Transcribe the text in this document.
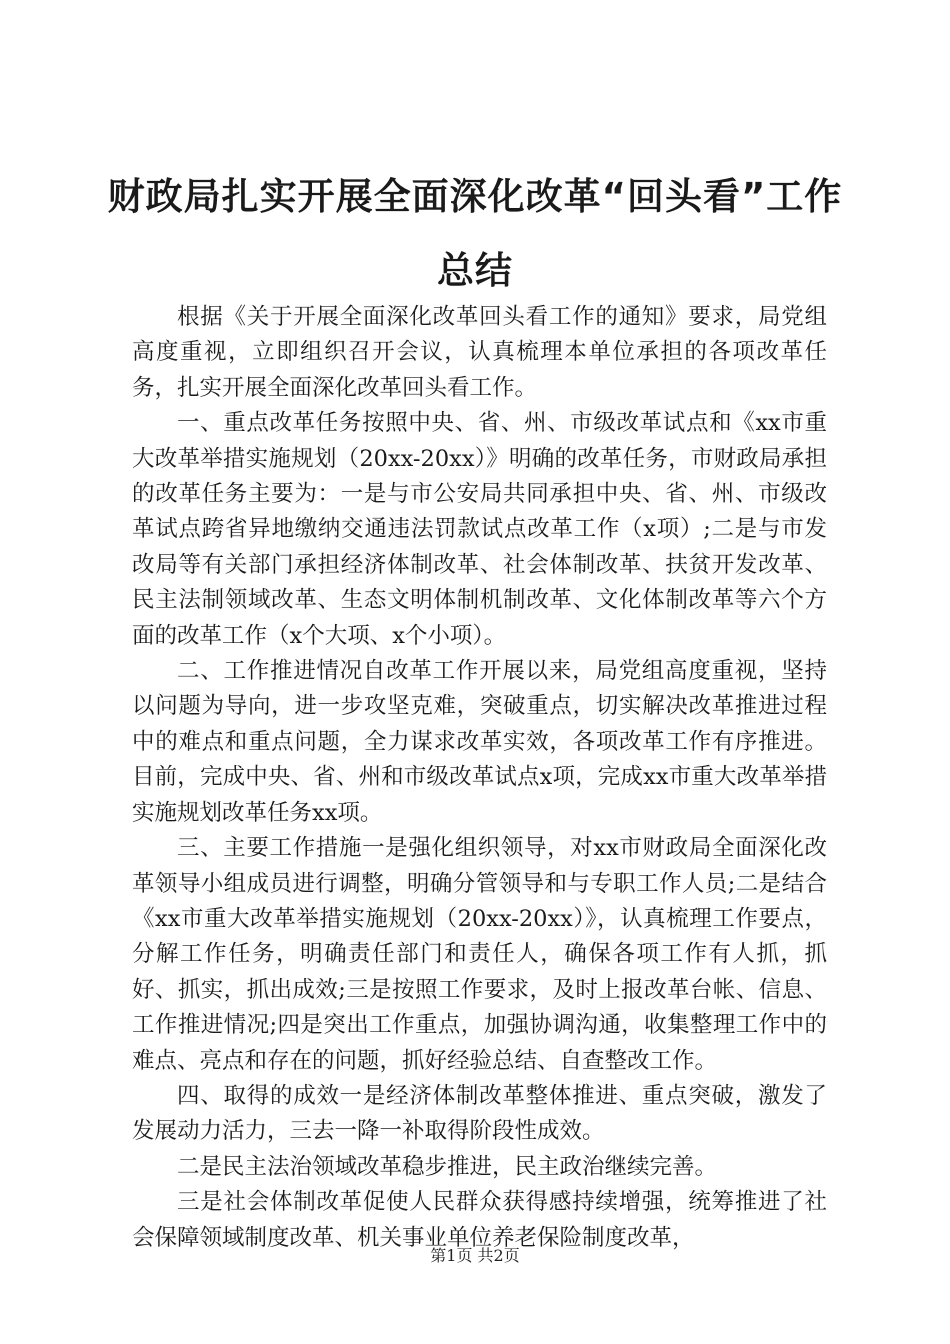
财政局扎实开展全面深化改革“回头看”工作
总结

根据《关于开展全面深化改革回头看工作的通知》要求，局党组高度重视，立即组织召开会议，认真梳理本单位承担的各项改革任务，扎实开展全面深化改革回头看工作。

一、重点改革任务按照中央、省、州、市级改革试点和《xx市重大改革举措实施规划（20xx-20xx）》明确的改革任务，市财政局承担的改革任务主要为：一是与市公安局共同承担中央、省、州、市级改革试点跨省异地缴纳交通违法罚款试点改革工作（x项）;二是与市发改局等有关部门承担经济体制改革、社会体制改革、扶贫开发改革、民主法制领域改革、生态文明体制机制改革、文化体制改革等六个方面的改革工作（x个大项、x个小项）。

二、工作推进情况自改革工作开展以来，局党组高度重视，坚持以问题为导向，进一步攻坚克难，突破重点，切实解决改革推进过程中的难点和重点问题，全力谋求改革实效，各项改革工作有序推进。目前，完成中央、省、州和市级改革试点x项，完成xx市重大改革举措实施规划改革任务xx项。

三、主要工作措施一是强化组织领导，对xx市财政局全面深化改革领导小组成员进行调整，明确分管领导和与专职工作人员;二是结合《xx市重大改革举措实施规划（20xx-20xx）》，认真梳理工作要点，分解工作任务，明确责任部门和责任人，确保各项工作有人抓，抓好、抓实，抓出成效;三是按照工作要求，及时上报改革台帐、信息、工作推进情况;四是突出工作重点，加强协调沟通，收集整理工作中的难点、亮点和存在的问题，抓好经验总结、自查整改工作。

四、取得的成效一是经济体制改革整体推进、重点突破，激发了发展动力活力，三去一降一补取得阶段性成效。

二是民主法治领域改革稳步推进，民主政治继续完善。

三是社会体制改革促使人民群众获得感持续增强，统筹推进了社会保障领域制度改革、机关事业单位养老保险制度改革，

第1页 共2页
